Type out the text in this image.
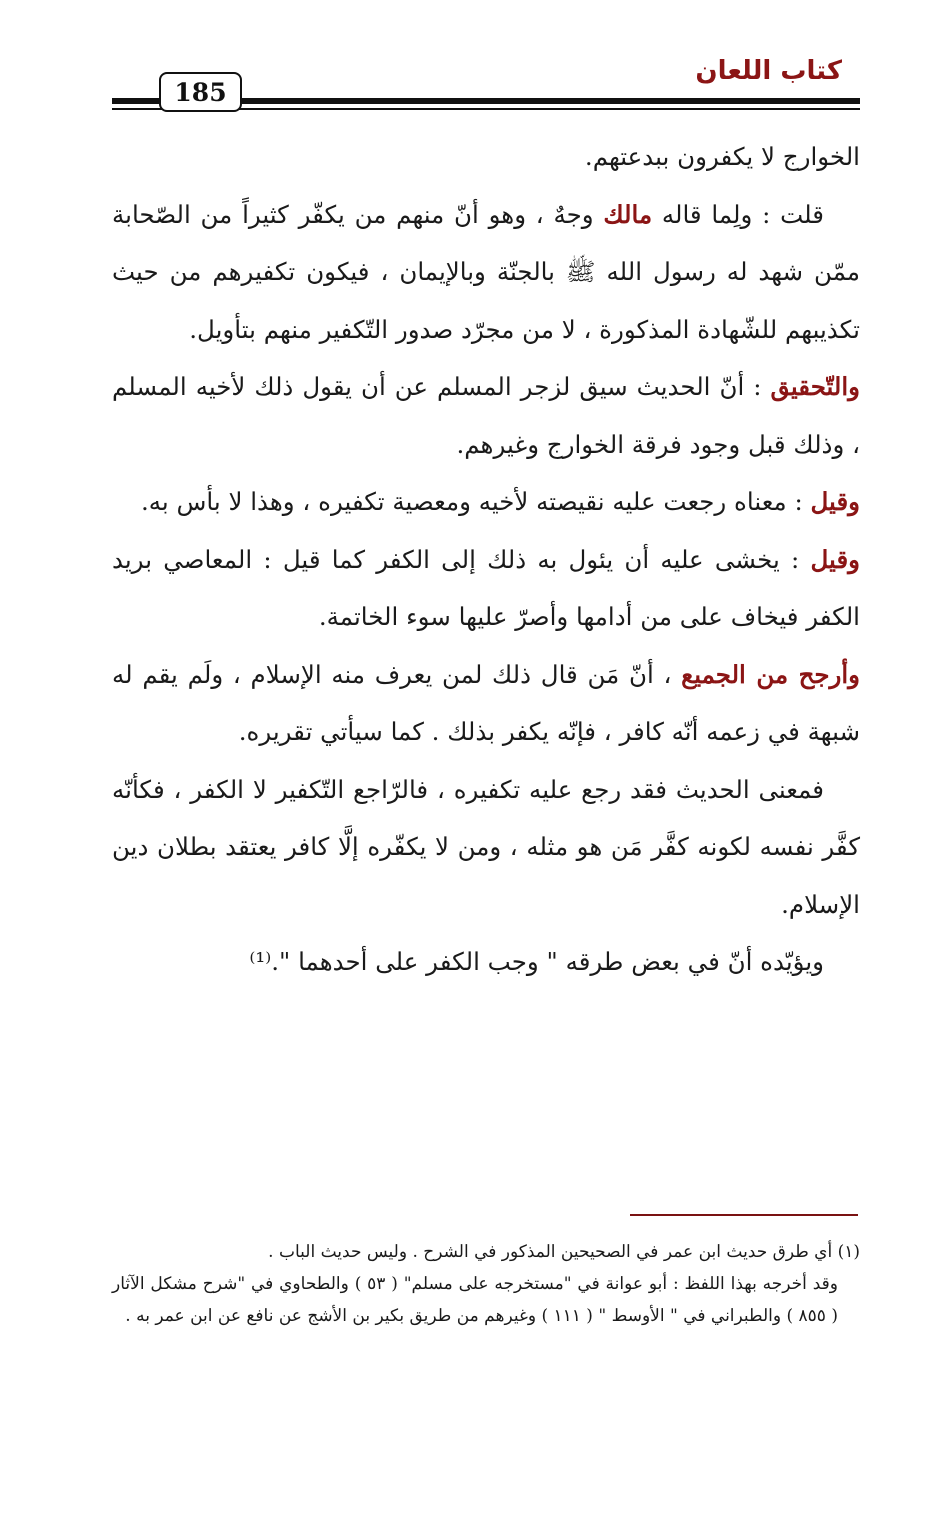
كتاب اللعان
185

الخوارج لا يكفرون ببدعتهم.

قلت : ولِما قاله مالك وجهٌ ، وهو أنّ منهم من يكفّر كثيراً من الصّحابة ممّن شهد له رسول الله ﷺ بالجنّة وبالإيمان ، فيكون تكفيرهم من حيث تكذيبهم للشّهادة المذكورة ، لا من مجرّد صدور التّكفير منهم بتأويل.

والتّحقيق : أنّ الحديث سيق لزجر المسلم عن أن يقول ذلك لأخيه المسلم ، وذلك قبل وجود فرقة الخوارج وغيرهم.

وقيل : معناه رجعت عليه نقيصته لأخيه ومعصية تكفيره ، وهذا لا بأس به.

وقيل : يخشى عليه أن يئول به ذلك إلى الكفر كما قيل : المعاصي بريد الكفر فيخاف على من أدامها وأصرّ عليها سوء الخاتمة.

وأرجح من الجميع ، أنّ مَن قال ذلك لمن يعرف منه الإسلام ، ولَم يقم له شبهة في زعمه أنّه كافر ، فإنّه يكفر بذلك . كما سيأتي تقريره.

فمعنى الحديث فقد رجع عليه تكفيره ، فالرّاجع التّكفير لا الكفر ، فكأنّه كفَّر نفسه لكونه كفَّر مَن هو مثله ، ومن لا يكفّره إلَّا كافر يعتقد بطلان دين الإسلام.

ويؤيّده أنّ في بعض طرقه " وجب الكفر على أحدهما ".⁽¹⁾

(١) أي طرق حديث ابن عمر في الصحيحين المذكور في الشرح . وليس حديث الباب .

وقد أخرجه بهذا اللفظ : أبو عوانة في "مستخرجه على مسلم" ( ٥٣ ) والطحاوي في "شرح مشكل الآثار ( ٨٥٥ ) والطبراني في " الأوسط " ( ١١١ ) وغيرهم من طريق بكير بن الأشج عن نافع عن ابن عمر به .
